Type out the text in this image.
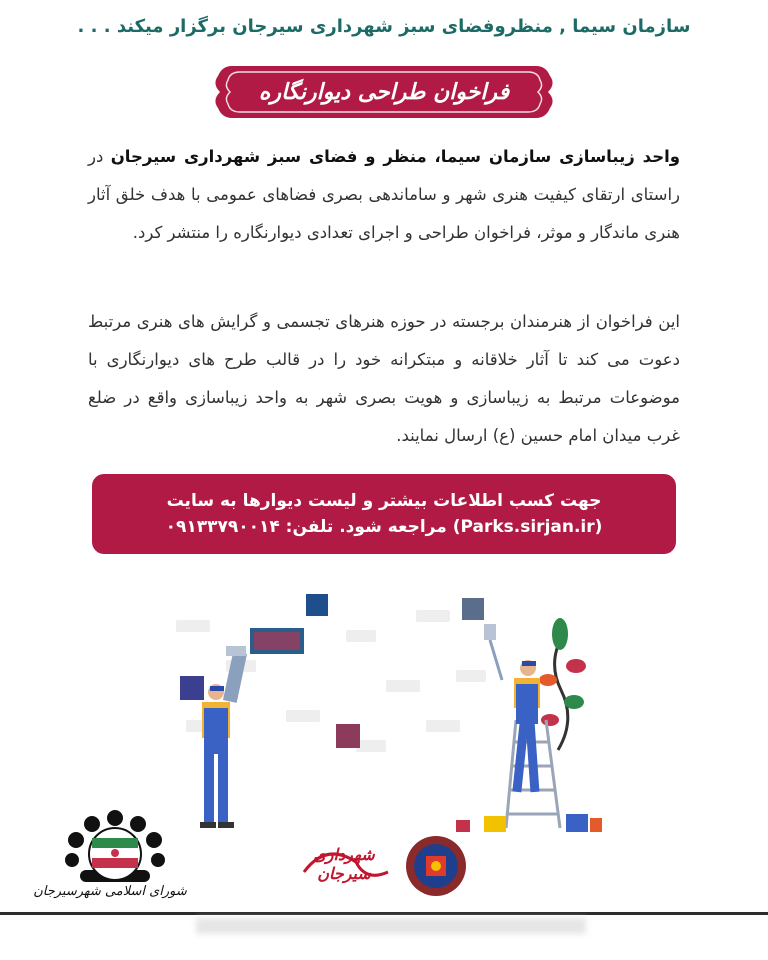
سازمان سیما , منظروفضای سبز شهرداری سیرجان برگزار میکند . . .
فراخوان طراحی دیوارنگاره
واحد زیباسازی سازمان سیما، منظر و فضای سبز شهرداری سیرجان در راستای ارتقای کیفیت هنری شهر و ساماندهی بصری فضاهای عمومی با هدف خلق آثار هنری ماندگار و موثر، فراخوان طراحی و اجرای تعدادی دیوارنگاره را منتشر کرد.
این فراخوان از هنرمندان برجسته در حوزه هنرهای تجسمی و گرایش های هنری مرتبط دعوت می کند تا آثار خلاقانه و مبتکرانه خود را در قالب طرح های دیوارنگاری با موضوعات مرتبط به زیباسازی و هویت بصری شهر به واحد زیباسازی واقع در ضلع غرب میدان امام حسین (ع) ارسال نمایند.
جهت کسب اطلاعات بیشتر و لیست دیوارها به سایت
(Parks.sirjan.ir) مراجعه شود. تلفن: ۰۹۱۳۳۷۹۰۰۱۴
شورای اسلامی شهرسیرجان
شهرداری سیرجان
